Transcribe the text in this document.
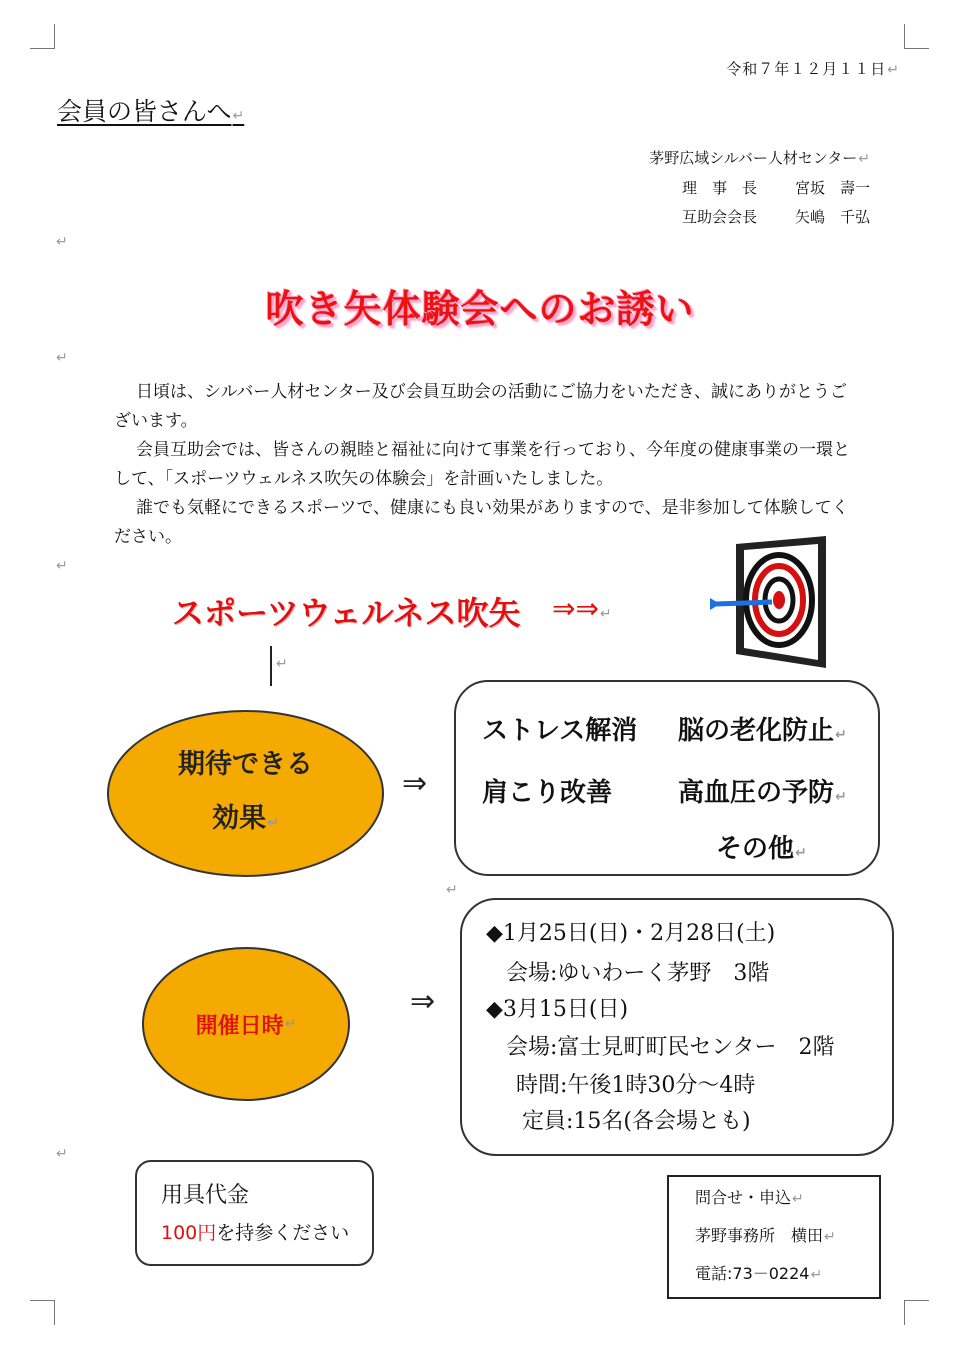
令和７年１２月１１日↵
会員の皆さんへ↵
茅野広域シルバー人材センター↵
理　事　長	宮坂　壽一
互助会会長	矢嶋　千弘
↵
吹き矢体験会へのお誘い
↵

日頃は、シルバー人材センター及び会員互助会の活動にご協力をいただき、誠にありがとうございます。

会員互助会では、皆さんの親睦と福祉に向けて事業を行っており、今年度の健康事業の一環として、「スポーツウェルネス吹矢の体験会」を計画いたしました。

誰でも気軽にできるスポーツで、健康にも良い効果がありますので、是非参加して体験してください。

↵
スポーツウェルネス吹矢 ⇒⇒↵
↵
期待できる
効果↵
⇒
ストレス解消 脳の老化防止↵
肩こり改善	高血圧の予防↵
その他↵
↵
開催日時 ↵
⇒
◆1月25日(日)・2月28日(土)
会場:ゆいわーく茅野　3階
◆3月15日(日)
会場:富士見町町民センター　2階
時間:午後1時30分～4時
定員:15名(各会場とも)
↵
用具代金
100円を持参ください
問合せ・申込↵
茅野事務所　横田↵
電話:73－0224↵
